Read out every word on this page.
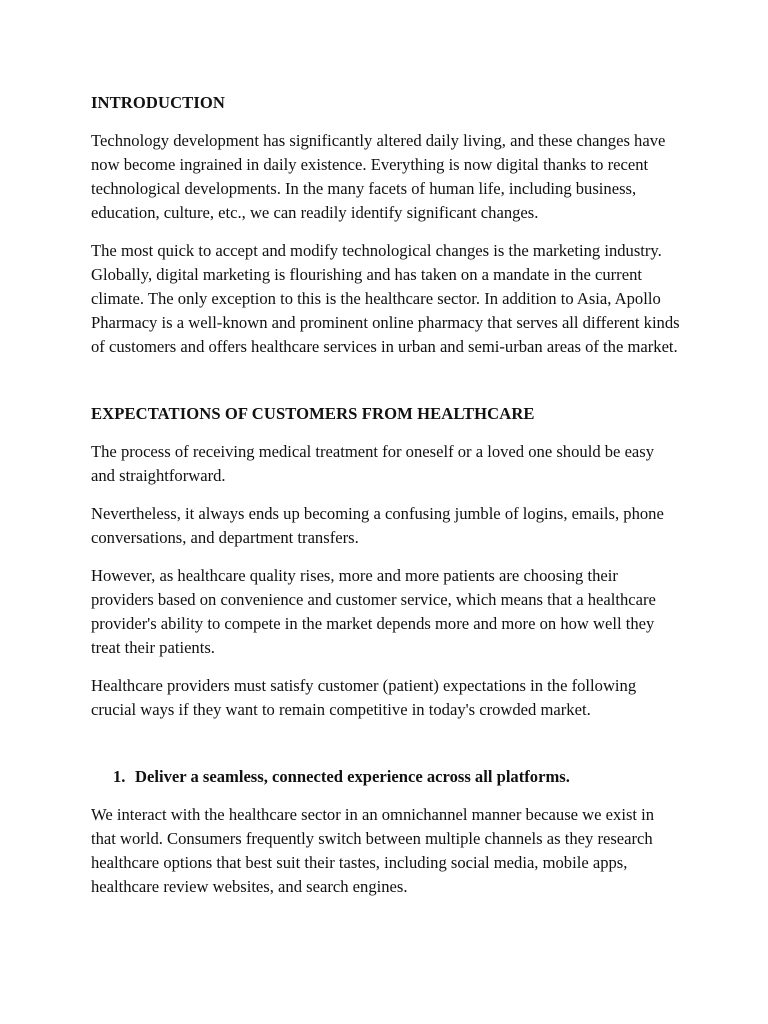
INTRODUCTION

Technology development has significantly altered daily living, and these changes have now become ingrained in daily existence. Everything is now digital thanks to recent technological developments. In the many facets of human life, including business, education, culture, etc., we can readily identify significant changes.

The most quick to accept and modify technological changes is the marketing industry. Globally, digital marketing is flourishing and has taken on a mandate in the current climate. The only exception to this is the healthcare sector. In addition to Asia, Apollo Pharmacy is a well-known and prominent online pharmacy that serves all different kinds of customers and offers healthcare services in urban and semi-urban areas of the market.

EXPECTATIONS OF CUSTOMERS FROM HEALTHCARE

The process of receiving medical treatment for oneself or a loved one should be easy and straightforward.

Nevertheless, it always ends up becoming a confusing jumble of logins, emails, phone conversations, and department transfers.

However, as healthcare quality rises, more and more patients are choosing their providers based on convenience and customer service, which means that a healthcare provider's ability to compete in the market depends more and more on how well they treat their patients.

Healthcare providers must satisfy customer (patient) expectations in the following crucial ways if they want to remain competitive in today's crowded market.

1. Deliver a seamless, connected experience across all platforms.

We interact with the healthcare sector in an omnichannel manner because we exist in that world. Consumers frequently switch between multiple channels as they research healthcare options that best suit their tastes, including social media, mobile apps, healthcare review websites, and search engines.
